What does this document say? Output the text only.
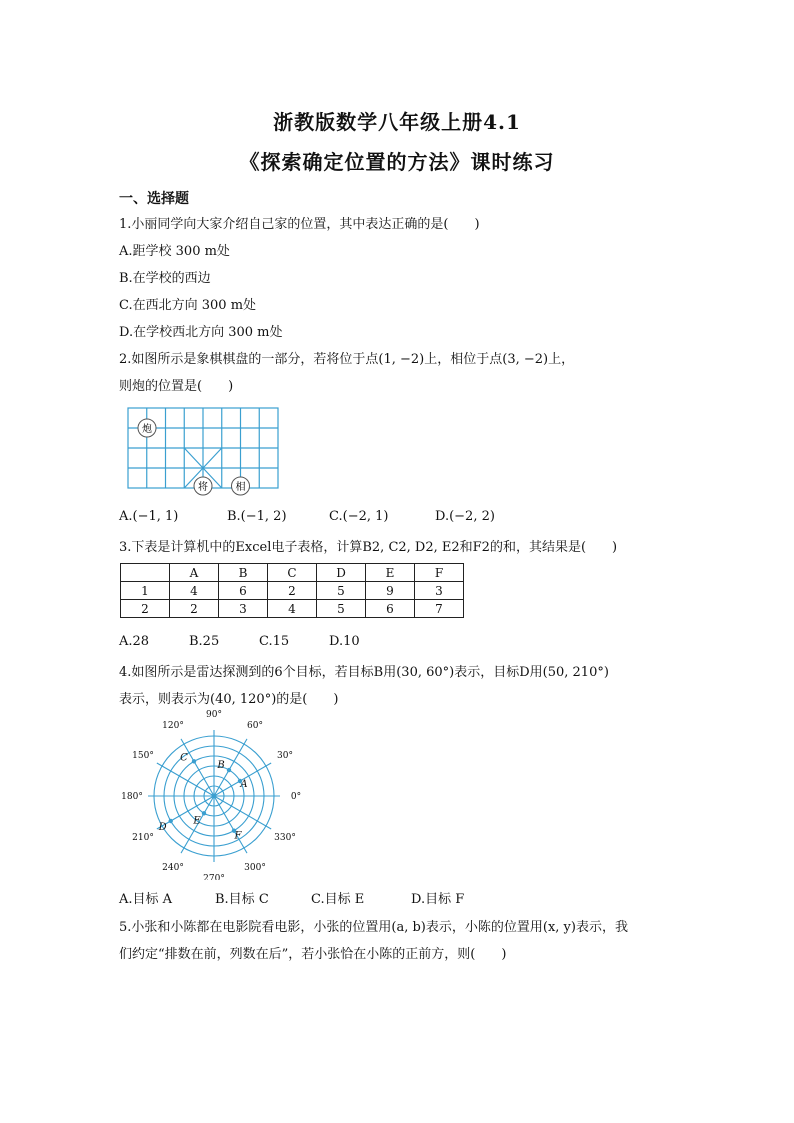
浙教版数学八年级上册4.1
《探索确定位置的方法》课时练习
一、选择题
1.小丽同学向大家介绍自己家的位置，其中表达正确的是(　　)
A.距学校 300 m处
B.在学校的西边
C.在西北方向 300 m处
D.在学校西北方向 300 m处
2.如图所示是象棋棋盘的一部分，若将位于点(1, −2)上，相位于点(3, −2)上，
则炮的位置是(　　)
炮
将	相
A.(−1, 1)	B.(−1, 2)	C.(−2, 1)	D.(−2, 2)
3.下表是计算机中的Excel电子表格，计算B2, C2, D2, E2和F2的和，其结果是(　　)
	A	B	C	D	E	F
1	4	6	2	5	9	3
2	2	3	4	5	6	7
A.28	B.25	C.15	D.10
4.如图所示是雷达探测到的6个目标，若目标B用(30, 60°)表示，目标D用(50, 210°)
表示，则表示为(40, 120°)的是(　　)
0°
30°
60°
90°
120°
150°
180°
210°
240°
270°
300°
330°
A
B
C
D
E
F
A.目标 A	B.目标 C	C.目标 E	D.目标 F
5.小张和小陈都在电影院看电影，小张的位置用(a, b)表示，小陈的位置用(x, y)表示，我
们约定“排数在前，列数在后”，若小张恰在小陈的正前方，则(　　)
